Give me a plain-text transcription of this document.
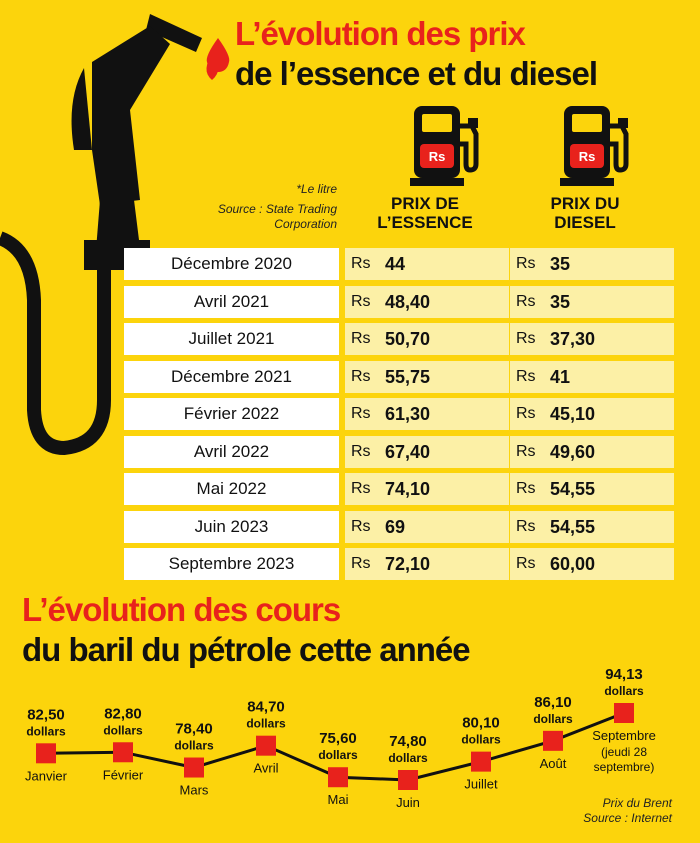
L’évolution des prix
de l’essence et du diesel
Rs	Rs
*Le litre
Source : State Trading
Corporation
PRIX DE
L’ESSENCE
PRIX DU
DIESEL
Décembre 2020	Rs 44	Rs 35
Avril 2021	Rs 48,40	Rs 35
Juillet 2021	Rs 50,70	Rs 37,30
Décembre 2021	Rs 55,75	Rs 41
Février 2022	Rs 61,30	Rs 45,10
Avril 2022	Rs 67,40	Rs 49,60
Mai 2022	Rs 74,10	Rs 54,55
Juin 2023	Rs 69	Rs 54,55
Septembre 2023	Rs 72,10	Rs 60,00
L’évolution des cours
du baril du pétrole cette année
82,50
dollars
Janvier
82,80
dollars
Février
78,40
dollars
Mars
84,70
dollars
Avril
75,60
dollars
Mai
74,80
dollars
Juin
80,10
dollars
Juillet
86,10
dollars
Août
94,13
dollars
Septembre
(jeudi 28
septembre)
Prix du Brent
Source : Internet
